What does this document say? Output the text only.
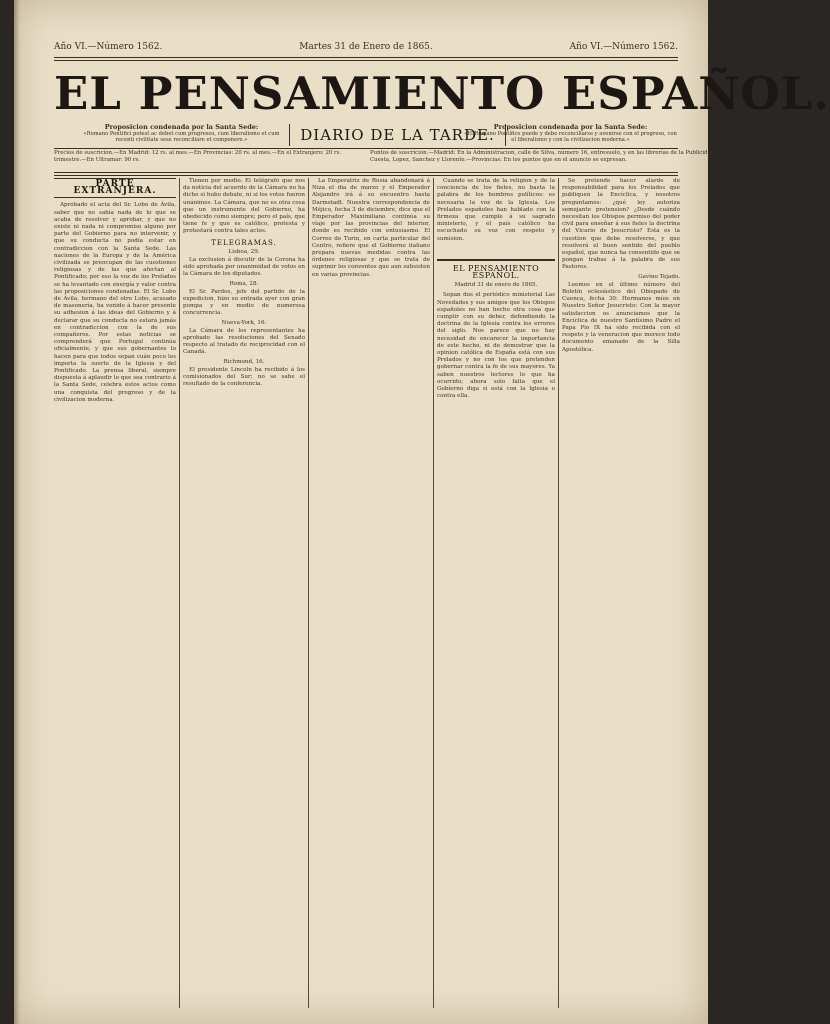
Año VI.—Número 1562.	Martes 31 de Enero de 1865.	Año VI.—Número 1562.
EL PENSAMIENTO ESPAÑOL.
Proposicion condenada por la Santa Sede:
«Romano Pontifici potest ac debet cum progressu, cum liberalismo et cum recenti civilitate sese reconciliare et componere.»	DIARIO DE LA TARDE.
Proposicion condenada por la Santa Sede:
«El Romano Pontífice puede y debe reconciliarse y avenirse con el progreso, con el liberalismo y con la civilizacion moderna.»
Precios de suscricion.—En Madrid: 12 rs. al mes.—En Provincias: 20 rs. al mes.—En el Extranjero: 20 rs. trimestre.—En Ultramar: 90 rs.
Puntos de suscricion.—Madrid: En la Administracion, calle de Silva, número 16, entresuelo, y en las librerías de la Publicidad, Cuesta, Lopez, Sanchez y Llorente.—Provincias: En los puntos que en el anuncio se expresan.
PARTE EXTRANJERA.

Aprobado el acta del Sr. Lobo de Ávila, saber que no sabía nada de lo que se acaba de resolver y aprobar, y que no existe ni nada ni compromiso alguno por parte del Gobierno para no intervenir, y que su conducta no podía estar en contradiccion con la Santa Sede. Las naciones de la Europa y de la América civilizada se preocupan de las cuestiones religiosas y de las que afectan al Pontificado; por eso la voz de los Prelados se ha levantado con energía y valor contra las proposiciones condenadas. El Sr. Lobo de Ávila, hermano del otro Lobo, acusado de masonería, ha venido á hacer presente su adhesion á las ideas del Gobierno y á declarar que su conducta no estará jamás en contradiccion con la de sus compañeros. Por estas noticias se comprenderá que Portugal continúa oficialmente, y que sus gobernantes lo hacen para que todos sepan cuán poco les importa la suerte de la Iglesia y del Pontificado. La prensa liberal, siempre dispuesta á aplaudir lo que sea contrario á la Santa Sede, celebra estos actos como una conquista del progreso y de la civilizacion moderna.

Tienen por medio. El telégrafo que nos da noticia del acuerdo de la Cámara no ha dicho si hubo debate, ni si los votos fueron unánimes. La Cámara, que no es otra cosa que un instrumento del Gobierno, ha obedecido como siempre; pero el país, que tiene fe y que es católico, protesta y protestará contra tales actos.

TELEGRAMAS.
Lisboa, 29.

La exclusion á discutir de la Corona ha sido aprobada por unanimidad de votos en la Cámara de los diputados.

Roma, 28.

El Sr. Pardos, jefe del partido de la expedicion, hizo su entrada ayer con gran pompa y en medio de numerosa concurrencia.

Nueva-York, 16.

La Cámara de los representantes ha aprobado las resoluciones del Senado respecto al tratado de reciprocidad con el Canadá.

Richmond, 16.

El presidente Lincoln ha recibido á los comisionados del Sur; no se sabe el resultado de la conferencia.

La Emperatriz de Rusia abandonará á Niza el dia de marzo y el Emperador Alejandro irá á su encuentro hasta Darmstadt. Nuestra correspondencia de Méjico, fecha 3 de diciembre, dice que el Emperador Maximiliano continúa su viaje por las provincias del interior, donde es recibido con entusiasmo. El Correo de Turin, en carta particular del Centro, refiere que el Gobierno italiano prepara nuevas medidas contra las órdenes religiosas y que se trata de suprimir los conventos que aun subsisten en varias provincias.

Cuando se trata de la religion y de la conciencia de los fieles, no basta la palabra de los hombres políticos: es necesaria la voz de la Iglesia. Los Prelados españoles han hablado con la firmeza que cumple á su sagrado ministerio, y el país católico ha escuchado su voz con respeto y sumision.

EL PENSAMIENTO ESPAÑOL.
Madrid 31 de enero de 1865.

Sepan dos el periódico ministerial Las Novedades y sus amigos que los Obispos españoles no han hecho otra cosa que cumplir con su deber, defendiendo la doctrina de la Iglesia contra los errores del siglo. Nos parece que no hay necesidad de encarecer la importancia de este hecho, ni de demostrar que la opinion católica de España está con sus Prelados y no con los que pretenden gobernar contra la fe de sus mayores. Ya saben nuestros lectores lo que ha ocurrido; ahora solo falta que el Gobierno diga si está con la Iglesia o contra ella.

Se pretende hacer alarde de responsabilidad para los Prelados que publiquen la Encíclica, y nosotros preguntamos: ¿qué ley autoriza semejante pretension? ¿Desde cuándo necesitan los Obispos permiso del poder civil para enseñar á sus fieles la doctrina del Vicario de Jesucristo? Esta es la cuestion que debe resolverse, y que resolverá el buen sentido del pueblo español, que nunca ha consentido que se pongan trabas á la palabra de sus Pastores.

Gavino Tejado.

Leemos en el último número del Boletín eclesiástico del Obispado de Cuenca, fecha 30: Hermanos míos en Nuestro Señor Jesucristo: Con la mayor satisfaccion os anunciamos que la Encíclica de nuestro Santísimo Padre el Papa Pio IX ha sido recibida con el respeto y la veneracion que merece todo documento emanado de la Silla Apostólica.
